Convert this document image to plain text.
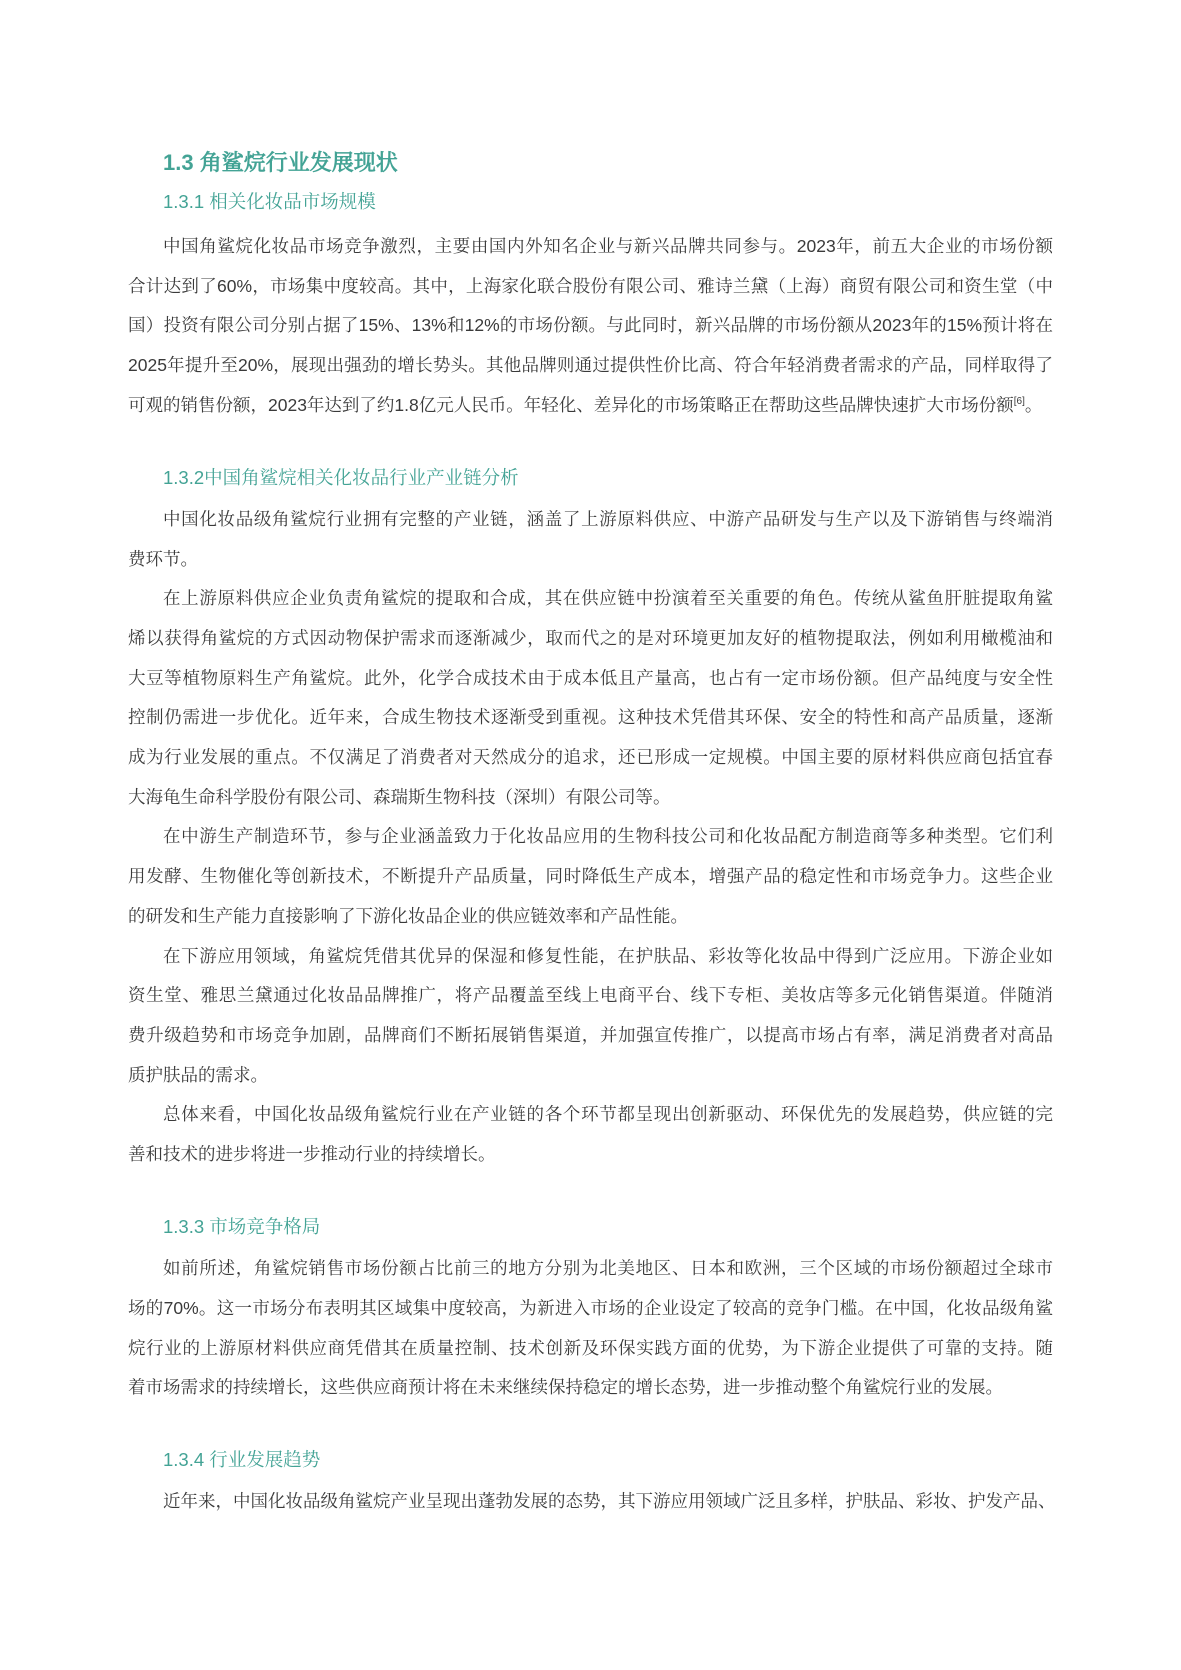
1.3 角鲨烷行业发展现状
1.3.1 相关化妆品市场规模
中国角鲨烷化妆品市场竞争激烈，主要由国内外知名企业与新兴品牌共同参与。2023年，前五大企业的市场份额
合计达到了60%，市场集中度较高。其中，上海家化联合股份有限公司、雅诗兰黛（上海）商贸有限公司和资生堂（中
国）投资有限公司分别占据了15%、13%和12%的市场份额。与此同时，新兴品牌的市场份额从2023年的15%预计将在
2025年提升至20%，展现出强劲的增长势头。其他品牌则通过提供性价比高、符合年轻消费者需求的产品，同样取得了
可观的销售份额，2023年达到了约1.8亿元人民币。年轻化、差异化的市场策略正在帮助这些品牌快速扩大市场份额[6]。
1.3.2中国角鲨烷相关化妆品行业产业链分析
中国化妆品级角鲨烷行业拥有完整的产业链，涵盖了上游原料供应、中游产品研发与生产以及下游销售与终端消
费环节。
在上游原料供应企业负责角鲨烷的提取和合成，其在供应链中扮演着至关重要的角色。传统从鲨鱼肝脏提取角鲨
烯以获得角鲨烷的方式因动物保护需求而逐渐减少，取而代之的是对环境更加友好的植物提取法，例如利用橄榄油和
大豆等植物原料生产角鲨烷。此外，化学合成技术由于成本低且产量高，也占有一定市场份额。但产品纯度与安全性
控制仍需进一步优化。近年来，合成生物技术逐渐受到重视。这种技术凭借其环保、安全的特性和高产品质量，逐渐
成为行业发展的重点。不仅满足了消费者对天然成分的追求，还已形成一定规模。中国主要的原材料供应商包括宜春
大海龟生命科学股份有限公司、森瑞斯生物科技（深圳）有限公司等。
在中游生产制造环节，参与企业涵盖致力于化妆品应用的生物科技公司和化妆品配方制造商等多种类型。它们利
用发酵、生物催化等创新技术，不断提升产品质量，同时降低生产成本，增强产品的稳定性和市场竞争力。这些企业
的研发和生产能力直接影响了下游化妆品企业的供应链效率和产品性能。
在下游应用领域，角鲨烷凭借其优异的保湿和修复性能，在护肤品、彩妆等化妆品中得到广泛应用。下游企业如
资生堂、雅思兰黛通过化妆品品牌推广，将产品覆盖至线上电商平台、线下专柜、美妆店等多元化销售渠道。伴随消
费升级趋势和市场竞争加剧，品牌商们不断拓展销售渠道，并加强宣传推广，以提高市场占有率，满足消费者对高品
质护肤品的需求。
总体来看，中国化妆品级角鲨烷行业在产业链的各个环节都呈现出创新驱动、环保优先的发展趋势，供应链的完
善和技术的进步将进一步推动行业的持续增长。
1.3.3 市场竞争格局
如前所述，角鲨烷销售市场份额占比前三的地方分别为北美地区、日本和欧洲，三个区域的市场份额超过全球市
场的70%。这一市场分布表明其区域集中度较高，为新进入市场的企业设定了较高的竞争门槛。在中国，化妆品级角鲨
烷行业的上游原材料供应商凭借其在质量控制、技术创新及环保实践方面的优势，为下游企业提供了可靠的支持。随
着市场需求的持续增长，这些供应商预计将在未来继续保持稳定的增长态势，进一步推动整个角鲨烷行业的发展。
1.3.4 行业发展趋势
近年来，中国化妆品级角鲨烷产业呈现出蓬勃发展的态势，其下游应用领域广泛且多样，护肤品、彩妆、护发产品、
